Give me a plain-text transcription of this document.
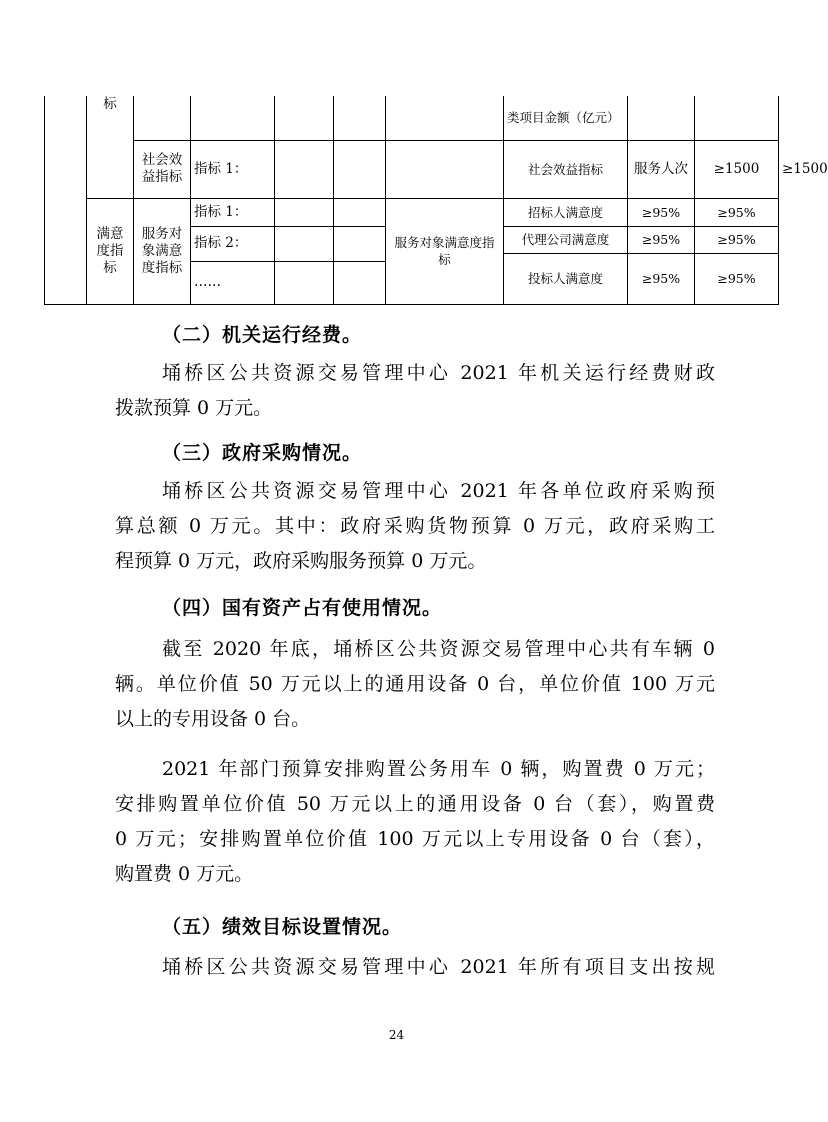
	标						类项目金额（亿元）			
		社会效益指标	指标 1：				社会效益指标	服务人次	≥1500	≥1500
	满意度指标	服务对象满意度指标	指标 1：			服务对象满意度指标	招标人满意度	≥95%	≥95%	
			指标 2：				代理公司满意度	≥95%	≥95%	
							投标人满意度	≥95%	≥95%	
			……							
（二）机关运行经费。
埇桥区公共资源交易管理中心 2021 年机关运行经费财政
拨款预算 0 万元。
（三）政府采购情况。
埇桥区公共资源交易管理中心 2021 年各单位政府采购预
算总额 0 万元。其中：政府采购货物预算 0 万元，政府采购工
程预算 0 万元，政府采购服务预算 0 万元。
（四）国有资产占有使用情况。
截至 2020 年底，埇桥区公共资源交易管理中心共有车辆 0
辆。单位价值 50 万元以上的通用设备 0 台，单位价值 100 万元
以上的专用设备 0 台。
2021 年部门预算安排购置公务用车 0 辆，购置费 0 万元；
安排购置单位价值 50 万元以上的通用设备 0 台（套），购置费
0 万元；安排购置单位价值 100 万元以上专用设备 0 台（套），
购置费 0 万元。
（五）绩效目标设置情况。
埇桥区公共资源交易管理中心 2021 年所有项目支出按规
24
